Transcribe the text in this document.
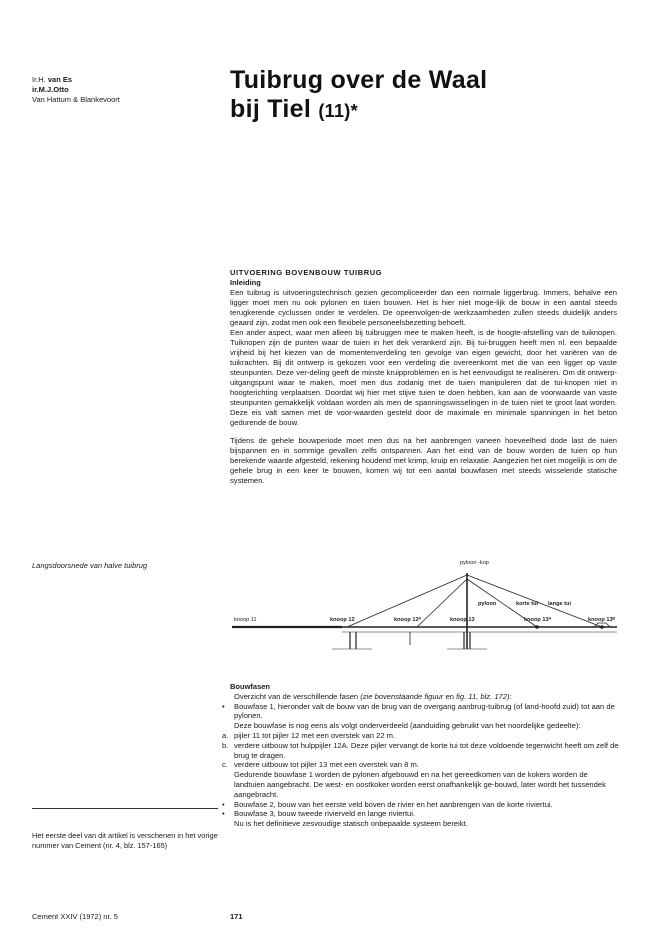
Ir.H. van Es
ir.M.J.Otto
Van Hattum & Blankevoort
Tuibrug over de Waal
bij Tiel (11)*
UITVOERING BOVENBOUW TUIBRUG

Inleiding

Een tuibrug is uitvoeringstechnisch gezien gecompliceerder dan een normale liggerbrug. Immers, behalve een ligger moet men nu ook pylonen en tuien bouwen. Het is hier niet moge-lijk de bouw in een aantal steeds terugkerende cyclussen onder te verdelen. De opeenvolgen-de werkzaamheden zullen steeds duidelijk anders geaard zijn, zodat men ook een flexibele personeelsbezetting behoeft.

Een ander aspect, waar men alleen bij tuibruggen mee te maken heeft, is de hoogte-afstelling van de tuiknopen. Tuiknopen zijn de punten waar de tuien in het dek verankerd zijn. Bij tui-bruggen heeft men nl. een bepaalde vrijheid bij het kiezen van de momentenverdeling ten gevolge van eigen gewicht, door het variëren van de tuikrachten. Bij dit ontwerp is gekozen voor een verdeling die overeenkomt met die van een ligger op vaste steunpunten. Deze ver-deling geeft de minste kruipproblemen en is het eenvoudigst te realiseren. Om dit ontwerp-uitgangspunt waar te maken, moet men dus zodanig met de tuien manipuleren dat de tui-knopen niet in hoogterichting verplaatsen. Doordat wij hier met stijve tuien te doen hebben, kan aan de voorwaarde van vaste steunpunten gemakkelijk voldaan worden als men de spanningswisselingen in de tuien niet te groot laat worden. Deze eis valt samen met de voor-waarden gesteld door de maximale en minimale spanningen in het beton gedurende de bouw.

Tijdens de gehele bouwperiode moet men dus na het aanbrengen vaneen hoeveelheid dode last de tuien bijspannen en in sommige gevallen zelfs ontspannen. Aan het eind van de bouw worden de tuien op hun berekende waarde afgesteld, rekening houdend met krimp, kruip en relaxatie. Aangezien het niet mogelijk is om de gehele brug in een keer te bouwen, komen wij tot een aantal bouwfasen met steeds wisselende statische systemen.

Langsdoorsnede van halve tuibrug	pyloon -kop
pyloon	korte tui lange tui
knoop 11	knoop 12	knoop 12ᴬ	knoop 13	knoop 13ᴬ	knoop 13ᴮ
Bouwfasen
Overzicht van de verschillende fasen (zie bovenstaande figuur en fig. 11, blz. 172):
•	Bouwfase 1, hieronder valt de bouw van de brug van de overgang aanbrug-tuibrug (of land-hoofd zuid) tot aan de pylonen.
Deze bouwfase is nog eens als volgt onderverdeeld (aanduiding gebruikt van het noordelijke gedeelte):
a. pijler 11 tot pijler 12 met een overstek van 22 m.
b. verdere uitbouw tot hulppijler 12A. Deze pijler vervangt de korte tui tot deze voldoende tegenwicht heeft om zelf de brug te dragen.
c. verdere uitbouw tot pijler 13 met een overstek van 8 m.
Gedurende bouwfase 1 worden de pylonen afgebouwd en na het gereedkomen van de kokers worden de landtuien aangebracht. De west- en oostkoker worden eerst onafhankelijk ge-bouwd, later wordt het tussendek aangebracht.
•	Bouwfase 2, bouw van het eerste veld boven de rivier en het aanbrengen van de korte riviertui.
•	Bouwfase 3, bouw tweede rivierveld en lange riviertui.
Nu is het definitieve zesvoudige statisch onbepaalde systeem bereikt.
Het eerste deel van dit artikel is verschenen in het vorige nummer van Cement (nr. 4, blz. 157-165)
Cement XXIV (1972) nr. 5	171
